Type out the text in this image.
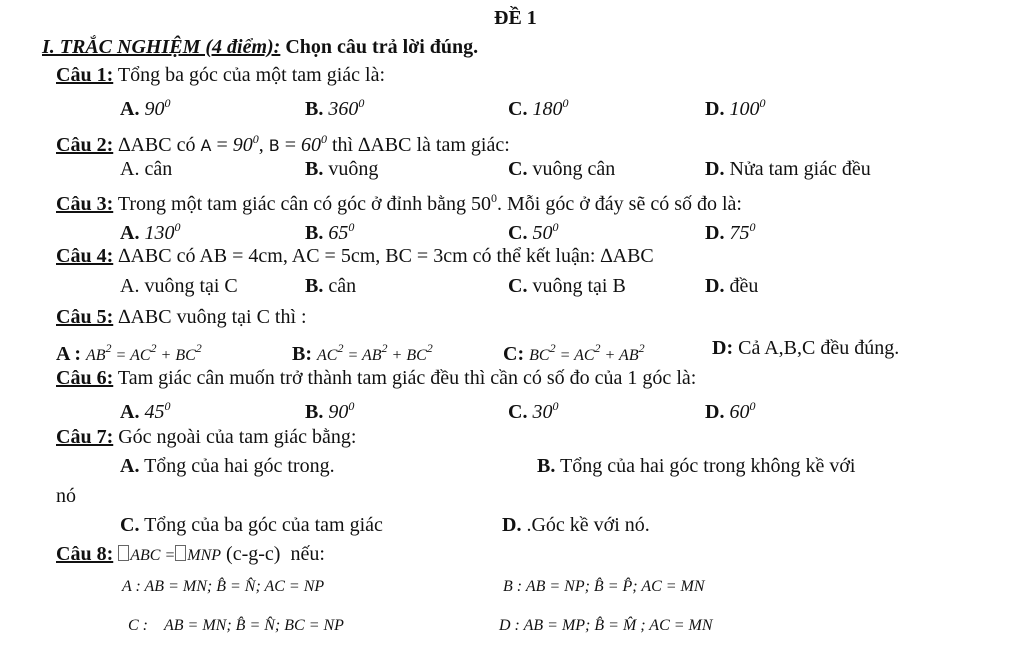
ĐỀ 1
I. TRẮC NGHIỆM (4 điểm): Chọn câu trả lời đúng.
Câu 1: Tổng ba góc của một tam giác là:
A. $90^0$	B. $360^0$	C. $180^0$	D. $100^0$
Câu 2: ∆ABC có $A = 90^0$, $B = 60^0$ thì ∆ABC là tam giác:
A. cân	B. vuông	C. vuông cân	D. Nửa tam giác đều
Câu 3: Trong một tam giác cân có góc ở đỉnh bằng $50^0$. Mỗi góc ở đáy sẽ có số đo là:
A. $130^0$	B. $65^0$	C. $50^0$	D. $75^0$
Câu 4: ∆ABC có AB = 4cm, AC = 5cm, BC = 3cm có thể kết luận: ∆ABC
A. vuông tại C	B. cân	C. vuông tại B	D. đều
Câu 5: ∆ABC vuông tại C thì :
A : $AB^2 = AC^2 + BC^2$	B: $AC^2 = AB^2 + BC^2$	C: $BC^2 = AC^2 + AB^2$	D: Cả A,B,C đều đúng.
Câu 6: Tam giác cân muốn trở thành tam giác đều thì cần có số đo của 1 góc là:
A. $45^0$	B. $90^0$	C. $30^0$	D. $60^0$
Câu 7: Góc ngoài của tam giác bằng:
A. Tổng của hai góc trong.	B. Tổng của hai góc trong không kề với
nó
C. Tổng của ba góc của tam giác	D. .Góc kề với nó.
Câu 8: ABC = MNP (c-g-c) nếu:
A : AB = MN; B̂ = N̂; AC = NP	B : AB = NP; B̂ = P̂; AC = MN
C : AB = MN; B̂ = N̂; BC = NP	D : AB = MP; B̂ = M̂ ; AC = MN
